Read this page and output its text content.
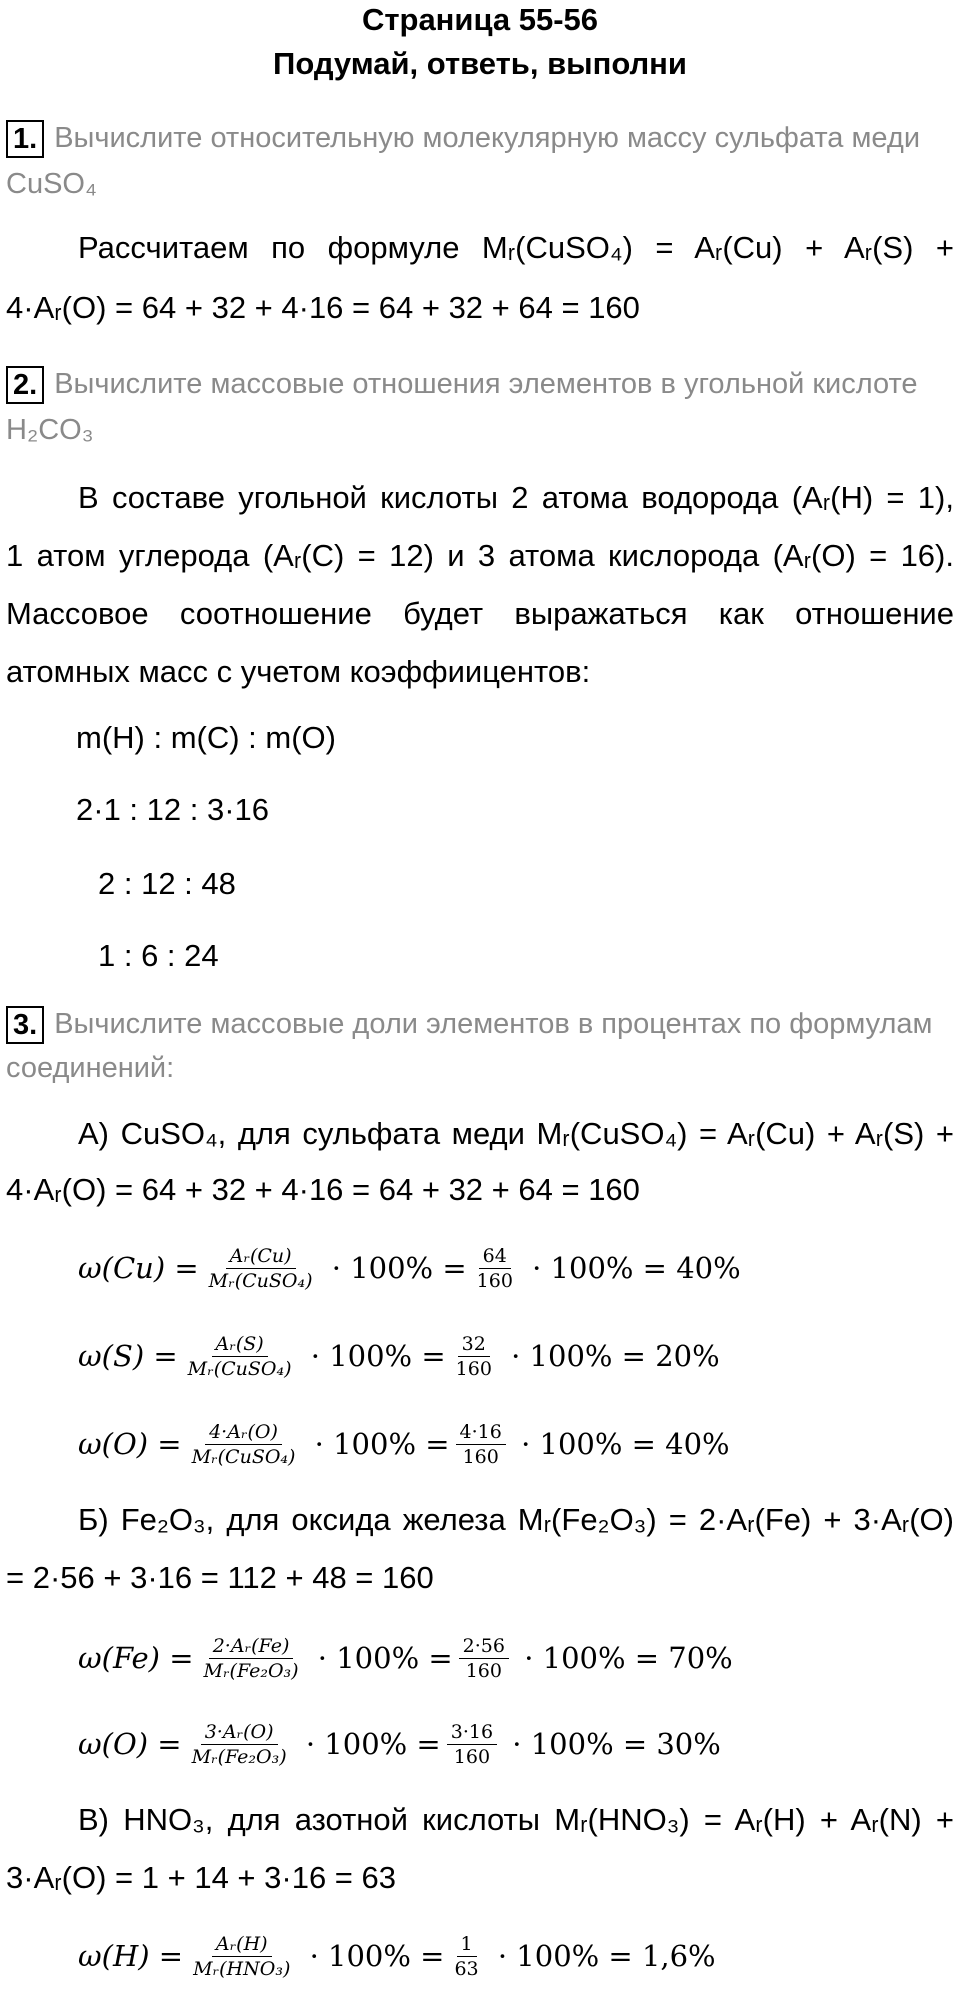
Страница 55-56
Подумай, ответь, выполни
1. Вычислите относительную молекулярную массу сульфата меди
CuSO₄
Рассчитаем по формуле Mᵣ(CuSO₄) = Aᵣ(Cu) + Aᵣ(S) +
4·Aᵣ(O) = 64 + 32 + 4·16 = 64 + 32 + 64 = 160
2. Вычислите массовые отношения элементов в угольной кислоте
H₂CO₃
В составе угольной кислоты 2 атома водорода (Aᵣ(H) = 1),
1 атом углерода (Aᵣ(C) = 12) и 3 атома кислорода (Aᵣ(O) = 16).
Массовое соотношение будет выражаться как отношение
атомных масс с учетом коэффиицентов:
m(H) : m(C) : m(O)
2·1 : 12 : 3·16
2 : 12 : 48
1 : 6 : 24
3. Вычислите массовые доли элементов в процентах по формулам
соединений:
А) CuSO₄, для сульфата меди Mᵣ(CuSO₄) = Aᵣ(Cu) + Aᵣ(S) +
4·Aᵣ(O) = 64 + 32 + 4·16 = 64 + 32 + 64 = 160
$\omega(Cu) = \frac{\text{Aᵣ(Cu)}}{\text{Mᵣ(CuSO₄)}} \cdot 100\% = \frac{64}{160} \cdot 100\% = 40\%$
$\omega(S) = \frac{\text{Aᵣ(S)}}{\text{Mᵣ(CuSO₄)}} \cdot 100\% = \frac{32}{160} \cdot 100\% = 20\%$
$\omega(O) = \frac{\text{4·Aᵣ(O)}}{\text{Mᵣ(CuSO₄)}} \cdot 100\% = \frac{4\cdot 16}{160} \cdot 100\% = 40\%$
Б) Fe₂O₃, для оксида железа Mᵣ(Fe₂O₃) = 2·Aᵣ(Fe) + 3·Aᵣ(O)
= 2·56 + 3·16 = 112 + 48 = 160
$\omega(Fe) = \frac{\text{2·Aᵣ(Fe)}}{\text{Mᵣ(Fe₂O₃)}} \cdot 100\% = \frac{2\cdot 56}{160} \cdot 100\% = 70\%$
$\omega(O) = \frac{\text{3·Aᵣ(O)}}{\text{Mᵣ(Fe₂O₃)}} \cdot 100\% = \frac{3\cdot 16}{160} \cdot 100\% = 30\%$
В) HNO₃, для азотной кислоты Mᵣ(HNO₃) = Aᵣ(H) + Aᵣ(N) +
3·Aᵣ(O) = 1 + 14 + 3·16 = 63
$\omega(H) = \frac{\text{Aᵣ(H)}}{\text{Mᵣ(HNO₃)}} \cdot 100\% = \frac{1}{63} \cdot 100\% = 1,6\%$
